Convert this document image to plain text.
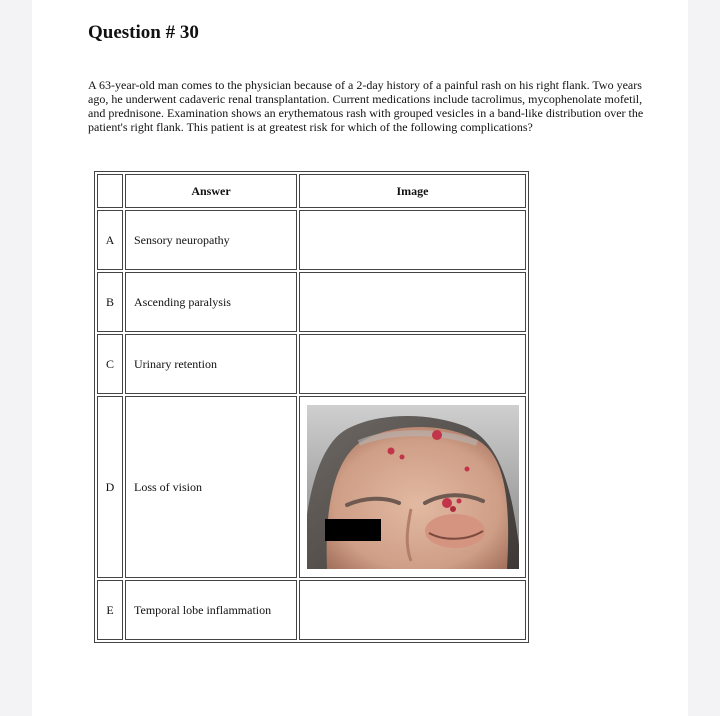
Question # 30
A 63-year-old man comes to the physician because of a 2-day history of a painful rash on his right flank. Two years ago, he underwent cadaveric renal transplantation. Current medications include tacrolimus, mycophenolate mofetil, and prednisone. Examination shows an erythematous rash with grouped vesicles in a band-like distribution over the patient's right flank. This patient is at greatest risk for which of the following complications?
	Answer	Image
A	Sensory neuropathy	
B	Ascending paralysis	
C	Urinary retention	
D	Loss of vision	

E	Temporal lobe inflammation	
